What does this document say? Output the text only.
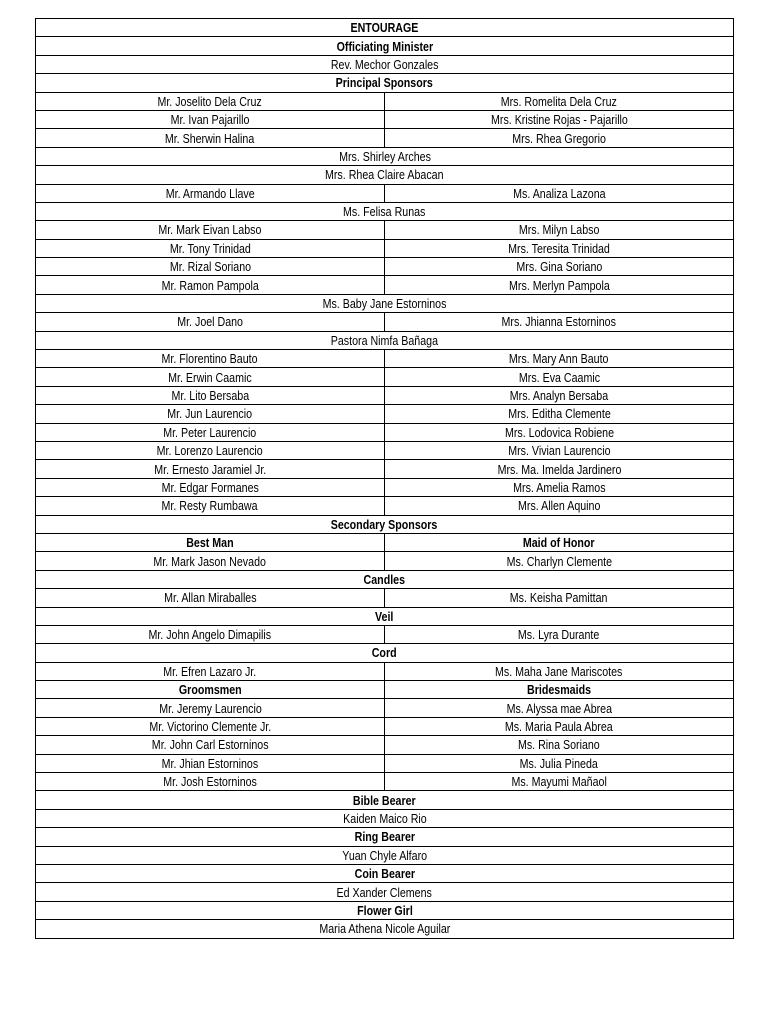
ENTOURAGE	
Officiating Minister	
Rev. Mechor Gonzales	
Principal Sponsors	
Mr. Joselito Dela Cruz	Mrs. Romelita Dela Cruz
Mr. Ivan Pajarillo	Mrs. Kristine Rojas - Pajarillo
Mr. Sherwin Halina	Mrs. Rhea Gregorio
Mrs. Shirley Arches	
Mrs. Rhea Claire Abacan	
Mr. Armando Llave	Ms. Analiza Lazona
Ms. Felisa Runas	
Mr. Mark Eivan Labso	Mrs. Milyn Labso
Mr. Tony Trinidad	Mrs. Teresita Trinidad
Mr. Rizal Soriano	Mrs. Gina Soriano
Mr. Ramon Pampola	Mrs. Merlyn Pampola
Ms. Baby Jane Estorninos	
Mr. Joel Dano	Mrs. Jhianna Estorninos
Pastora Nimfa Bañaga	
Mr. Florentino Bauto	Mrs. Mary Ann Bauto
Mr. Erwin Caamic	Mrs. Eva Caamic
Mr. Lito Bersaba	Mrs. Analyn Bersaba
Mr. Jun Laurencio	Mrs. Editha Clemente
Mr. Peter Laurencio	Mrs. Lodovica Robiene
Mr. Lorenzo Laurencio	Mrs. Vivian Laurencio
Mr. Ernesto Jaramiel Jr.	Mrs. Ma. Imelda Jardinero
Mr. Edgar Formanes	Mrs. Amelia Ramos
Mr. Resty Rumbawa	Mrs. Allen Aquino
Secondary Sponsors	
Best Man	Maid of Honor
Mr. Mark Jason Nevado	Ms. Charlyn Clemente
Candles	
Mr. Allan Miraballes	Ms. Keisha Pamittan
Veil	
Mr. John Angelo Dimapilis	Ms. Lyra Durante
Cord	
Mr. Efren Lazaro Jr.	Ms. Maha Jane Mariscotes
Groomsmen	Bridesmaids
Mr. Jeremy Laurencio	Ms. Alyssa mae Abrea
Mr. Victorino Clemente Jr.	Ms. Maria Paula Abrea
Mr. John Carl Estorninos	Ms. Rina Soriano
Mr. Jhian Estorninos	Ms. Julia Pineda
Mr. Josh Estorninos	Ms. Mayumi Mañaol
Bible Bearer	
Kaiden Maico Rio	
Ring Bearer	
Yuan Chyle Alfaro	
Coin Bearer	
Ed Xander Clemens	
Flower Girl	
Maria Athena Nicole Aguilar	
